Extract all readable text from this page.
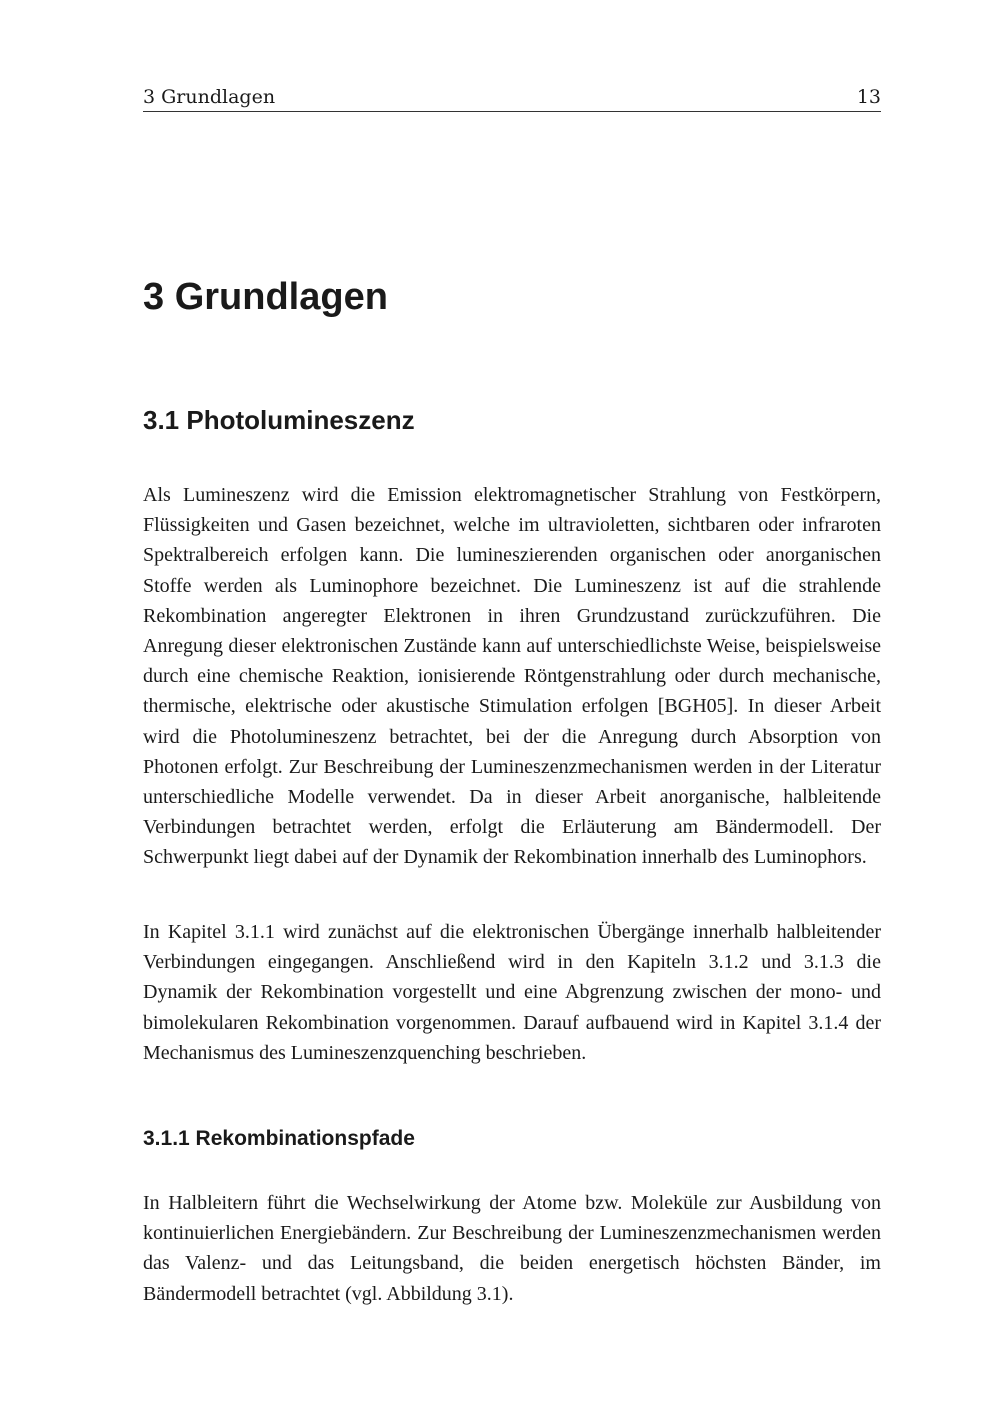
3 Grundlagen	13
3 Grundlagen
3.1 Photolumineszenz

Als Lumineszenz wird die Emission elektromagnetischer Strahlung von Festkörpern, Flüssigkeiten und Gasen bezeichnet, welche im ultravioletten, sichtbaren oder infraroten Spektralbereich erfolgen kann. Die lumineszierenden organischen oder anorganischen Stoffe werden als Luminophore bezeichnet. Die Lumineszenz ist auf die strahlende Rekombination angeregter Elektronen in ihren Grundzustand zurückzuführen. Die Anregung dieser elektronischen Zustände kann auf unterschiedlichste Weise, beispielsweise durch eine chemische Reaktion, ionisierende Röntgenstrahlung oder durch mechanische, thermische, elektrische oder akustische Stimulation erfolgen [BGH05]. In dieser Arbeit wird die Photolumineszenz betrachtet, bei der die Anregung durch Absorption von Photonen erfolgt. Zur Beschreibung der Lumineszenzmechanismen werden in der Literatur unterschiedliche Modelle verwendet. Da in dieser Arbeit anorganische, halbleitende Verbindungen betrachtet werden, erfolgt die Erläuterung am Bändermodell. Der Schwerpunkt liegt dabei auf der Dynamik der Rekombination innerhalb des Luminophors.

In Kapitel 3.1.1 wird zunächst auf die elektronischen Übergänge innerhalb halbleitender Verbindungen eingegangen. Anschließend wird in den Kapiteln 3.1.2 und 3.1.3 die Dynamik der Rekombination vorgestellt und eine Abgrenzung zwischen der mono- und bimolekularen Rekombination vorgenommen. Darauf aufbauend wird in Kapitel 3.1.4 der Mechanismus des Lumineszenzquenching beschrieben.

3.1.1 Rekombinationspfade

In Halbleitern führt die Wechselwirkung der Atome bzw. Moleküle zur Ausbildung von kontinuierlichen Energiebändern. Zur Beschreibung der Lumineszenzmechanismen werden das Valenz- und das Leitungsband, die beiden energetisch höchsten Bänder, im Bändermodell betrachtet (vgl. Abbildung 3.1).
